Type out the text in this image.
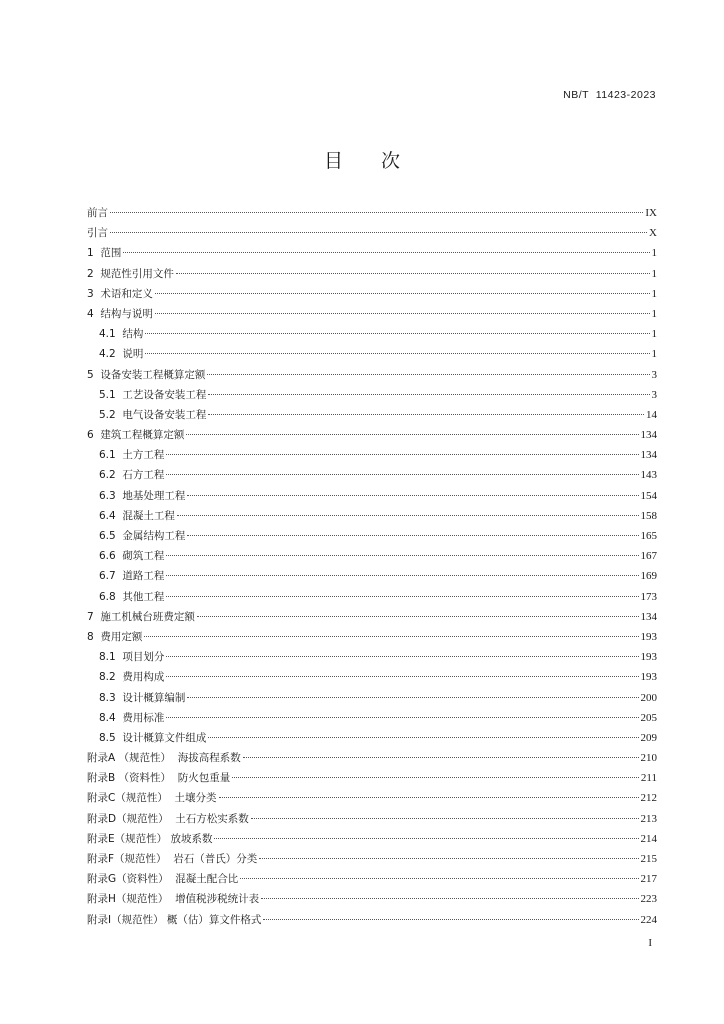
NB/T  11423-2023
目 次
前言	IX
引言	X
1  范围	1
2  规范性引用文件	1
3  术语和定义	1
4  结构与说明	1
4.1  结构	1
4.2  说明	1
5  设备安装工程概算定额	3
5.1  工艺设备安装工程	3
5.2  电气设备安装工程	14
6  建筑工程概算定额	134
6.1  土方工程	134
6.2  石方工程	143
6.3  地基处理工程	154
6.4  混凝土工程	158
6.5  金属结构工程	165
6.6  砌筑工程	167
6.7  道路工程	169
6.8  其他工程	173
7  施工机械台班费定额	134
8  费用定额	193
8.1  项目划分	193
8.2  费用构成	193
8.3  设计概算编制	200
8.4  费用标准	205
8.5  设计概算文件组成	209
附录A （规范性）  海拔高程系数	210
附录B （资料性）  防火包重量	211
附录C（规范性）  土壤分类	212
附录D（规范性）  土石方松实系数	213
附录E（规范性） 放坡系数	214
附录F（规范性）  岩石（普氏）分类	215
附录G（资料性）  混凝土配合比	217
附录H（规范性）  增值税涉税统计表	223
附录I（规范性） 概（估）算文件格式	224
I
